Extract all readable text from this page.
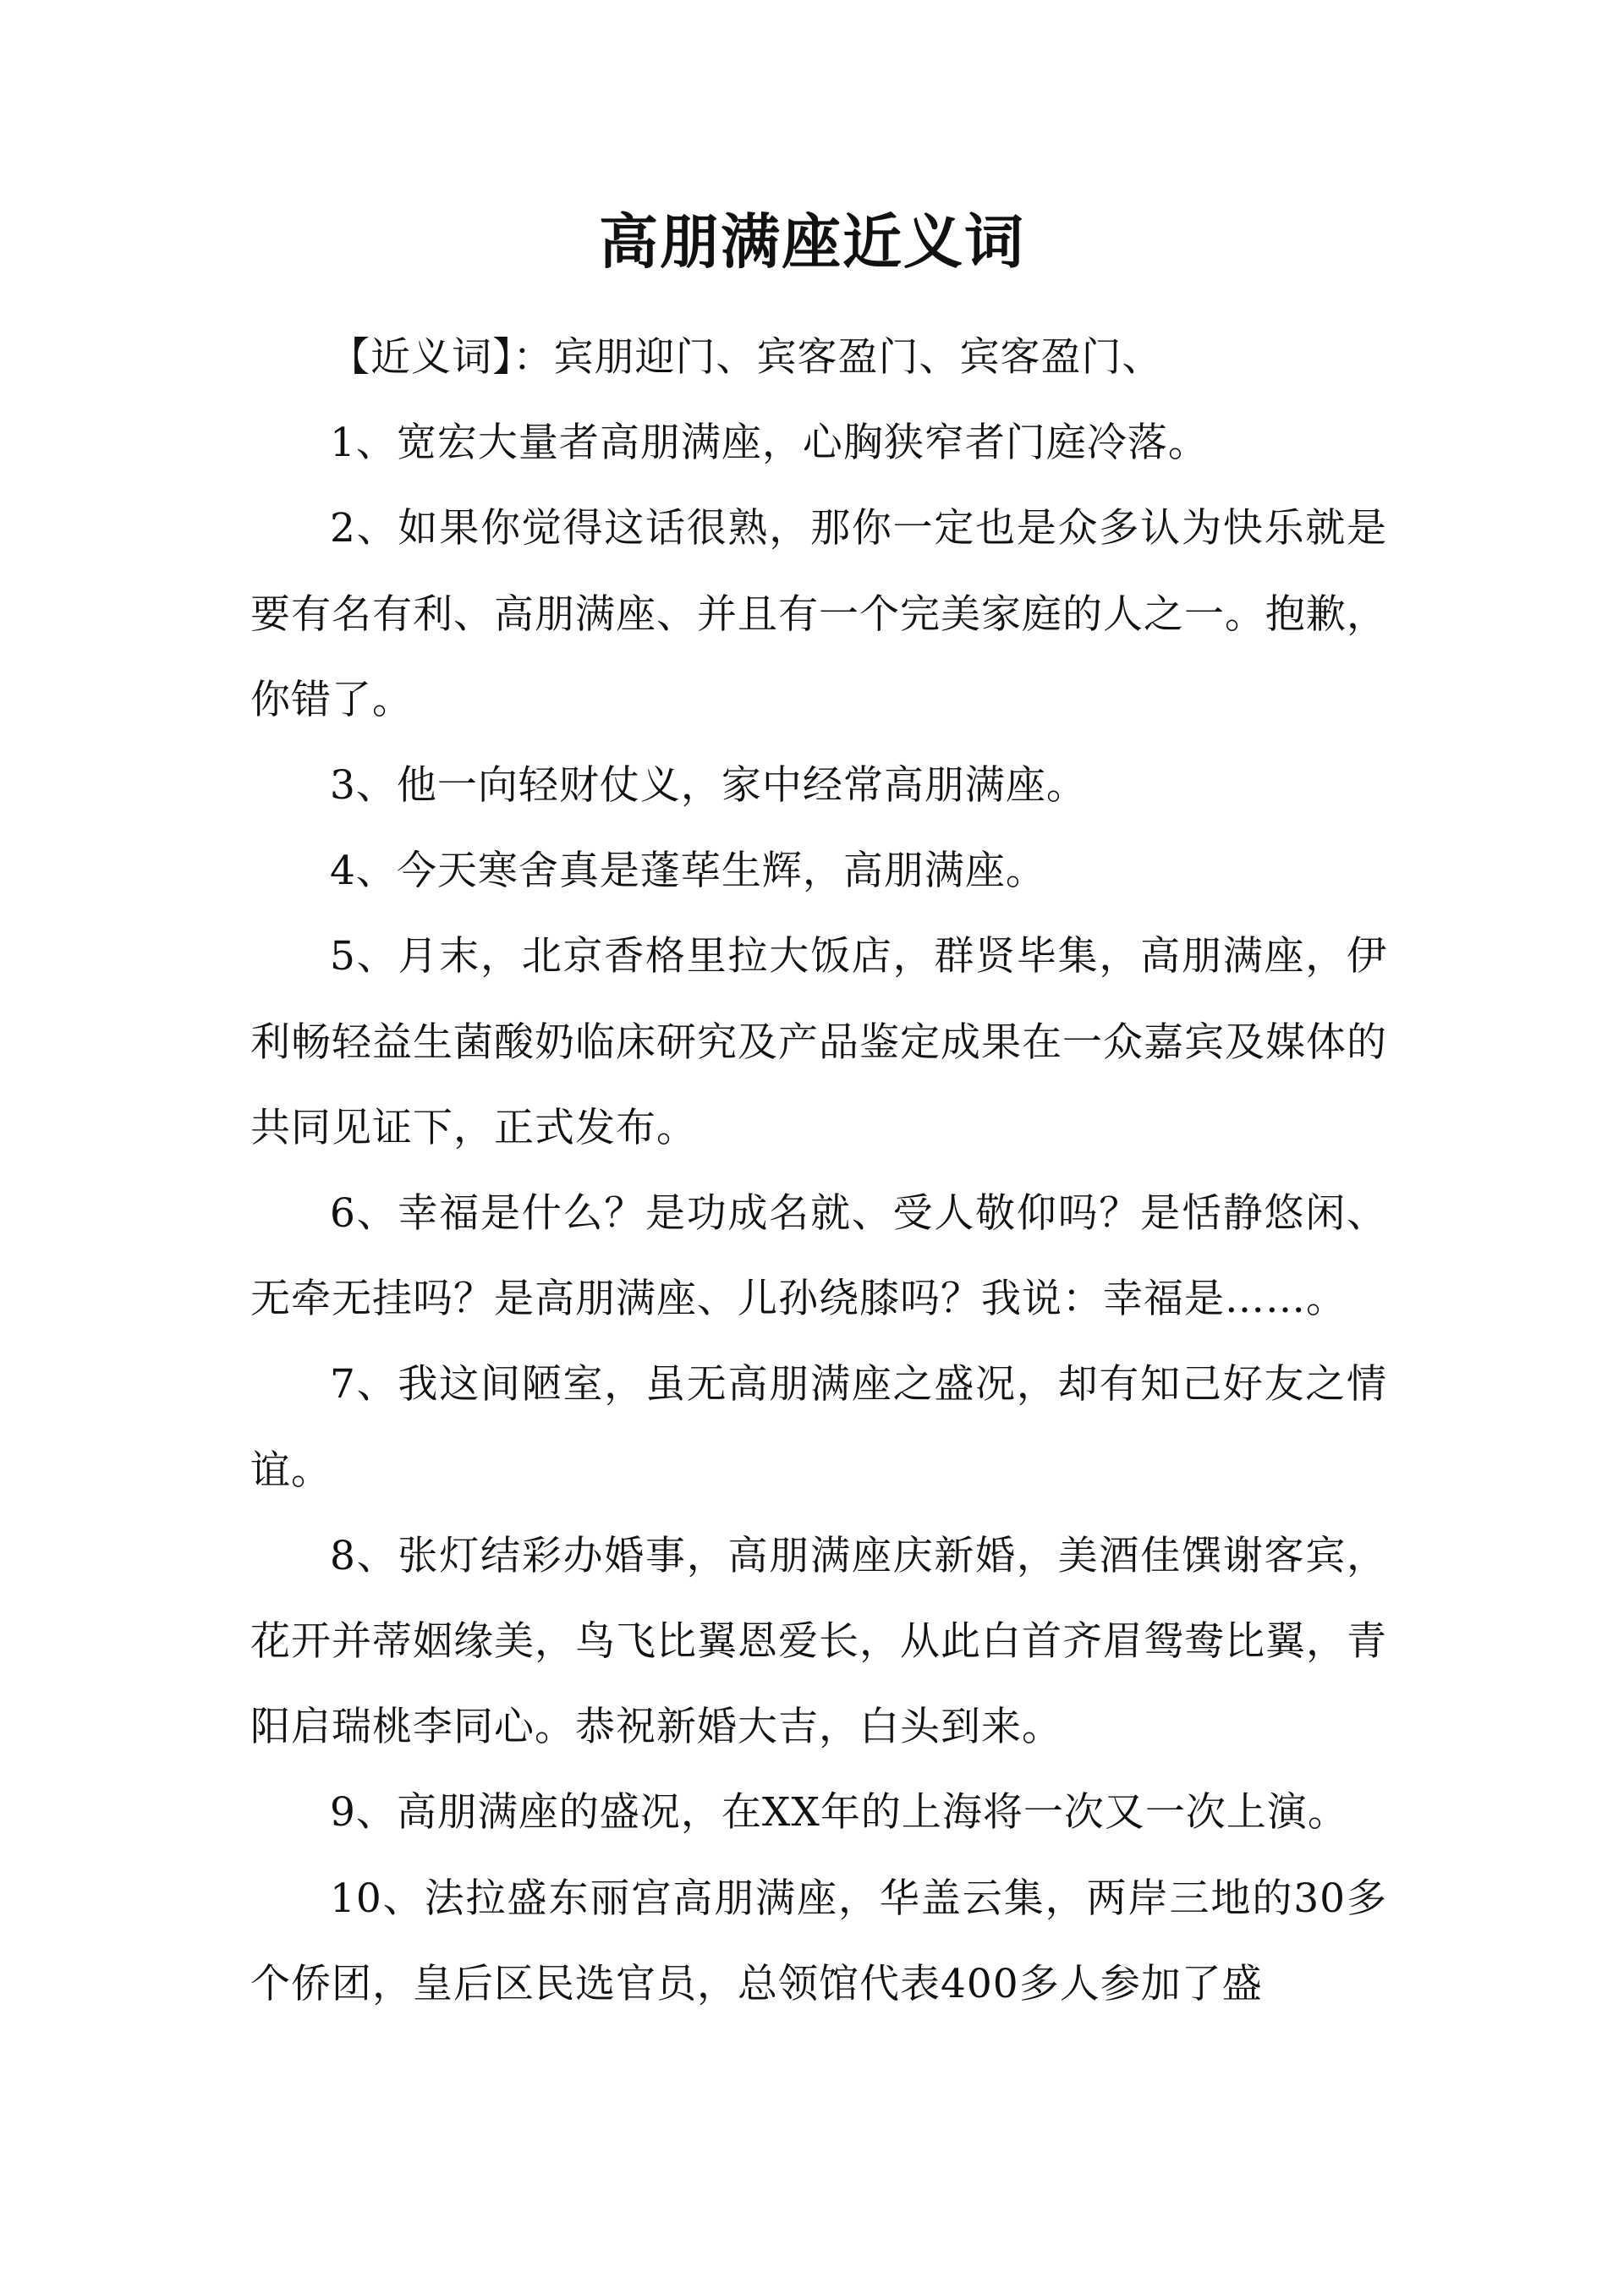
高朋满座近义词

【近义词】：宾朋迎门、宾客盈门、宾客盈门、

1、宽宏大量者高朋满座，心胸狭窄者门庭冷落。

2、如果你觉得这话很熟，那你一定也是众多认为快乐就是要有名有利、高朋满座、并且有一个完美家庭的人之一。抱歉，你错了。

3、他一向轻财仗义，家中经常高朋满座。

4、今天寒舍真是蓬荜生辉，高朋满座。

5、月末，北京香格里拉大饭店，群贤毕集，高朋满座，伊利畅轻益生菌酸奶临床研究及产品鉴定成果在一众嘉宾及媒体的共同见证下，正式发布。

6、幸福是什么？是功成名就、受人敬仰吗？是恬静悠闲、无牵无挂吗？是高朋满座、儿孙绕膝吗？我说：幸福是……。

7、我这间陋室，虽无高朋满座之盛况，却有知己好友之情谊。

8、张灯结彩办婚事，高朋满座庆新婚，美酒佳馔谢客宾，花开并蒂姻缘美，鸟飞比翼恩爱长，从此白首齐眉鸳鸯比翼，青阳启瑞桃李同心。恭祝新婚大吉，白头到来。

9、高朋满座的盛况，在XX年的上海将一次又一次上演。

10、法拉盛东丽宫高朋满座，华盖云集，两岸三地的30多个侨团，皇后区民选官员，总领馆代表400多人参加了盛
